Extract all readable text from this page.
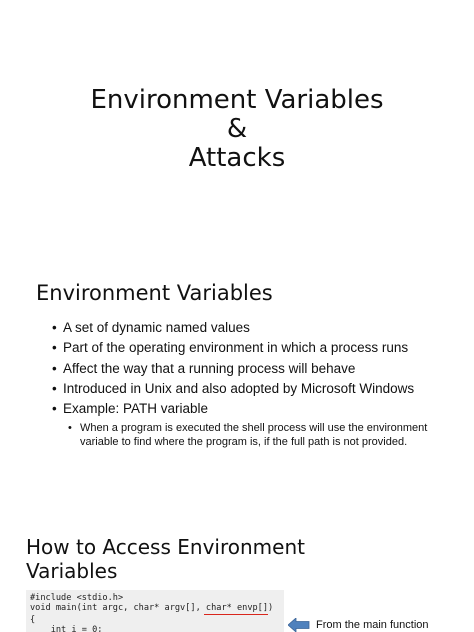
Environment Variables
&
Attacks
Environment Variables
• A set of dynamic named values
• Part of the operating environment in which a process runs
• Affect the way that a running process will behave
• Introduced in Unix and also adopted by Microsoft Windows
• Example: PATH variable
• When a program is executed the shell process will use the environment variable to find where the program is, if the full path is not provided.
How to Access Environment
Variables
#include <stdio.h>
void main(int argc, char* argv[], char* envp[])
{
int i = 0;	From the main function
